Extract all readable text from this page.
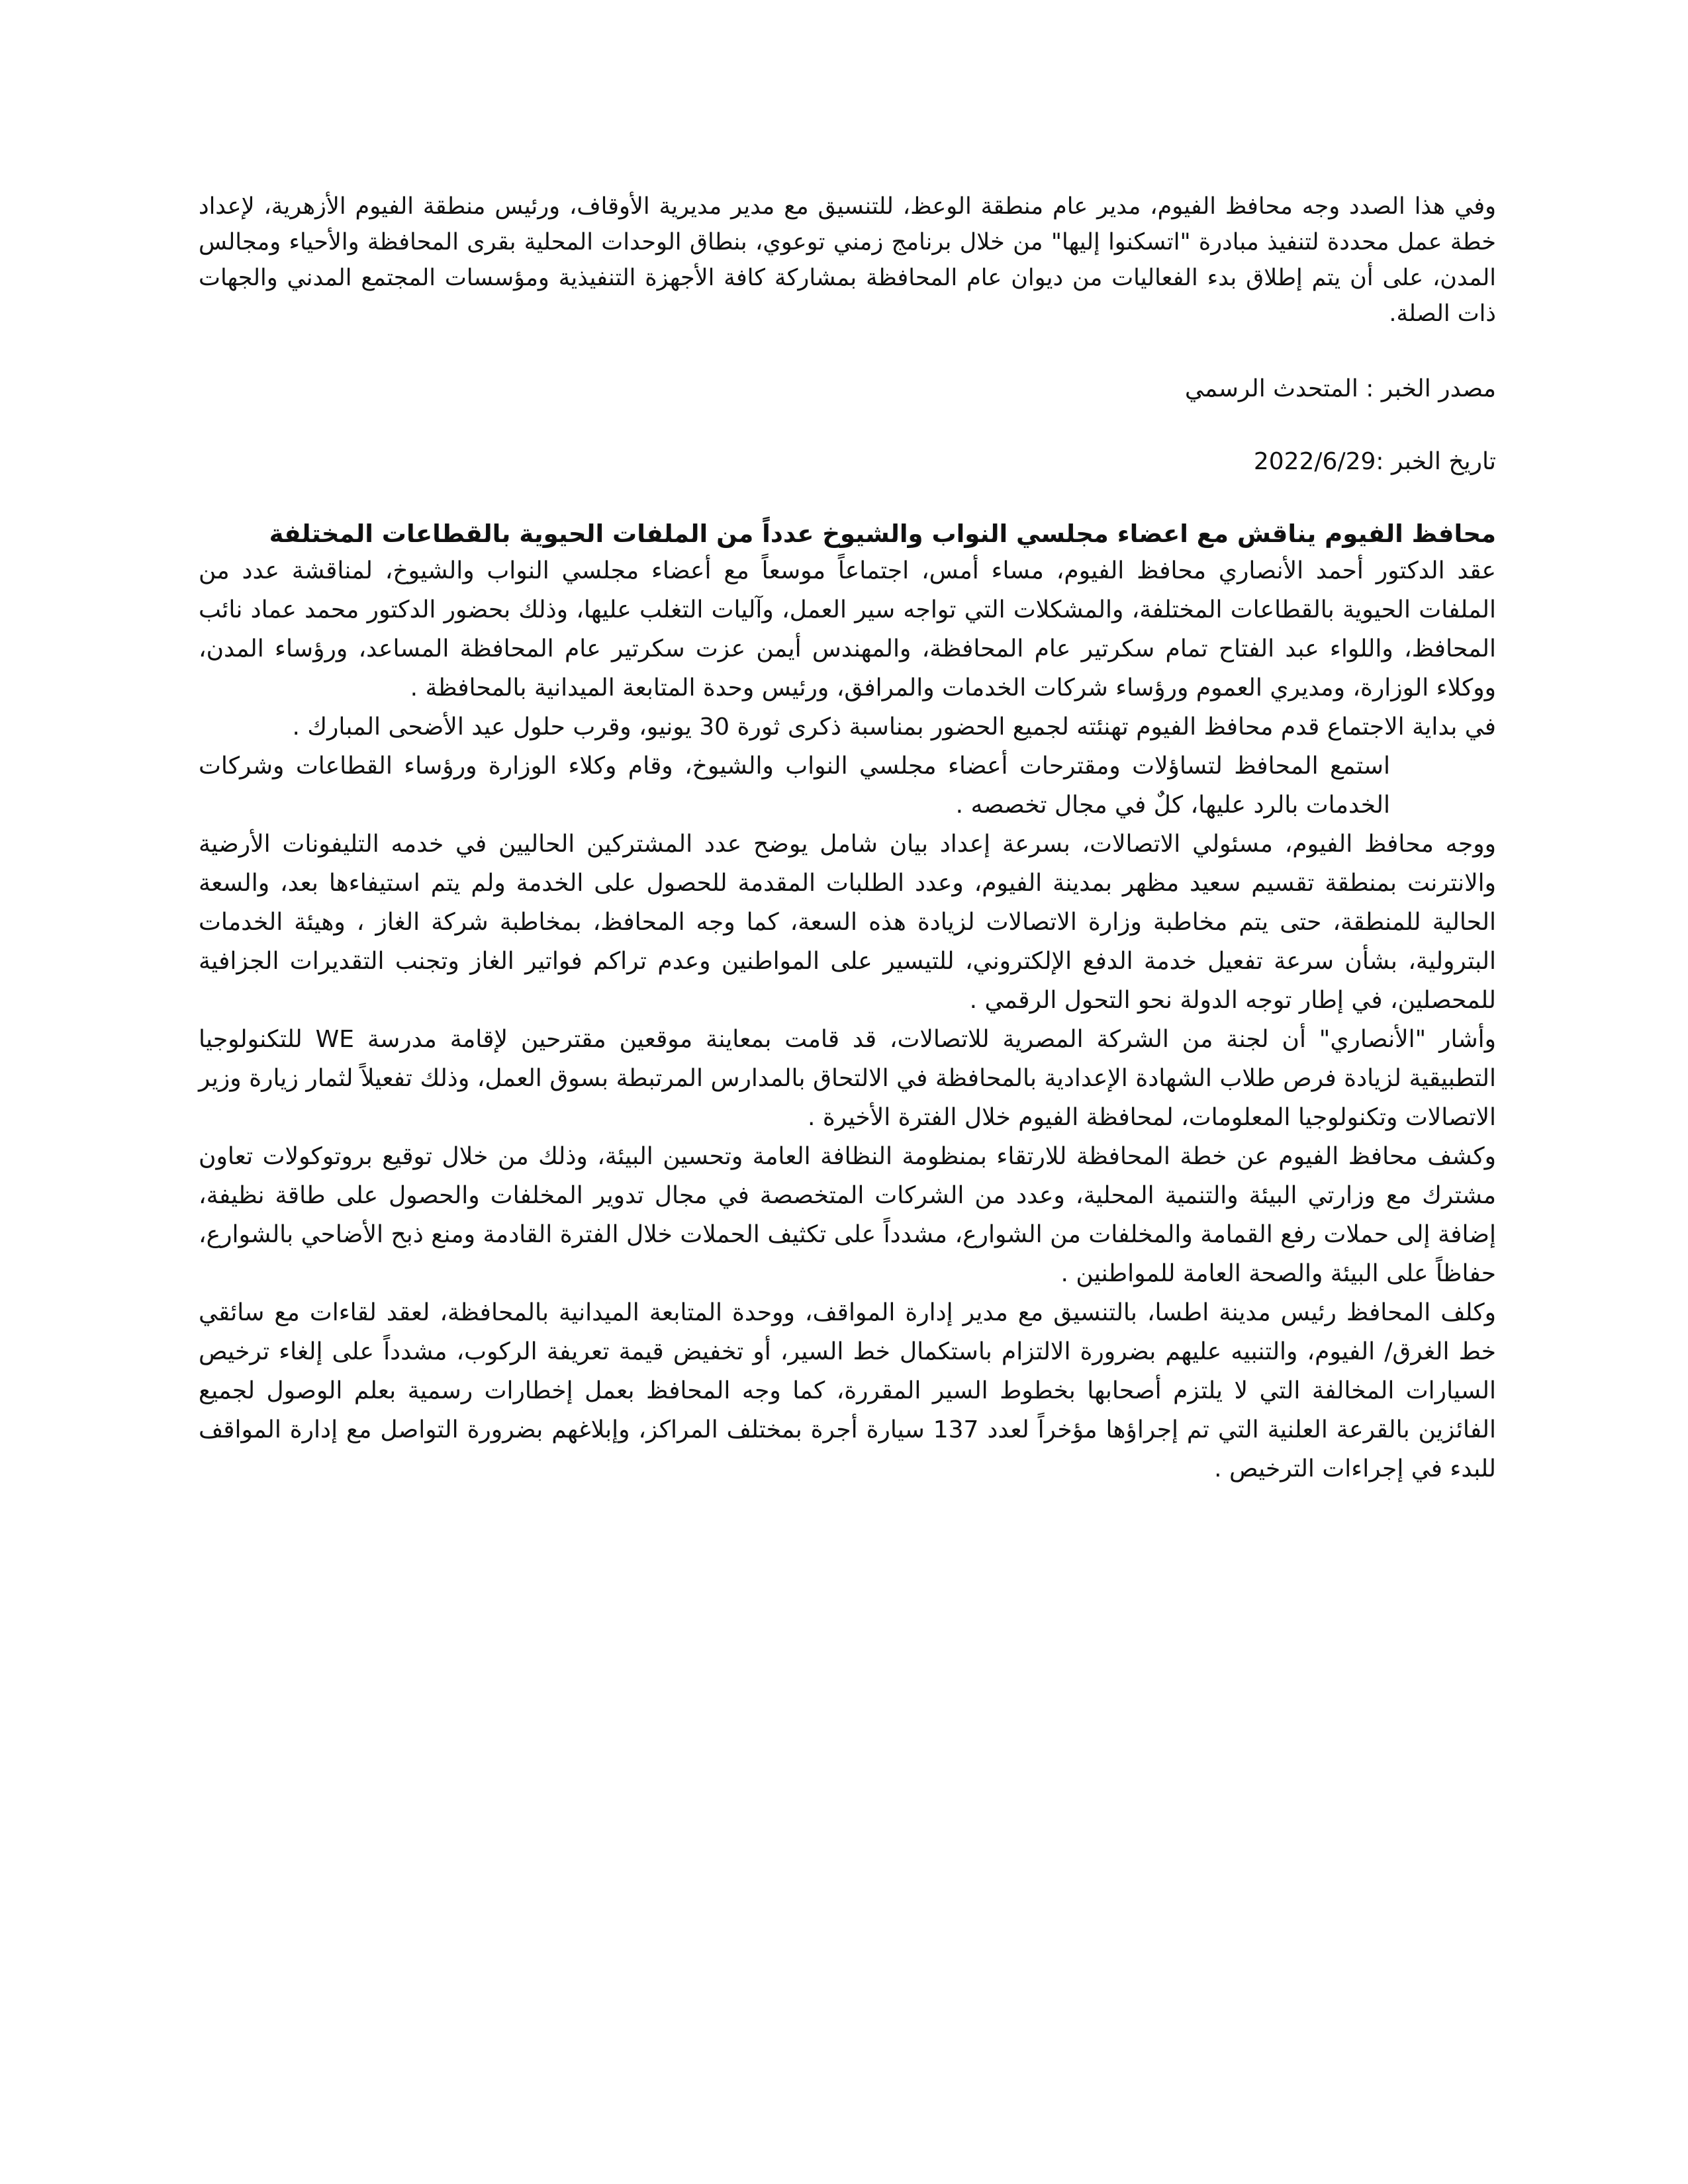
وفي هذا الصدد وجه محافظ الفيوم، مدير عام منطقة الوعظ، للتنسيق مع مدير مديرية الأوقاف، ورئيس منطقة الفيوم الأزهرية، لإعداد خطة عمل محددة لتنفيذ مبادرة "اتسكنوا إليها" من خلال برنامج زمني توعوي، بنطاق الوحدات المحلية بقرى المحافظة والأحياء ومجالس المدن، على أن يتم إطلاق بدء الفعاليات من ديوان عام المحافظة بمشاركة كافة الأجهزة التنفيذية ومؤسسات المجتمع المدني والجهات ذات الصلة.

مصدر الخبر : المتحدث الرسمي

تاريخ الخبر :2022/6/29

محافظ الفيوم يناقش مع اعضاء مجلسي النواب والشيوخ عدداً من الملفات الحيوية بالقطاعات المختلفة

عقد الدكتور أحمد الأنصاري محافظ الفيوم، مساء أمس، اجتماعاً موسعاً مع أعضاء مجلسي النواب والشيوخ، لمناقشة عدد من الملفات الحيوية بالقطاعات المختلفة، والمشكلات التي تواجه سير العمل، وآليات التغلب عليها، وذلك بحضور الدكتور محمد عماد نائب المحافظ، واللواء عبد الفتاح تمام سكرتير عام المحافظة، والمهندس أيمن عزت سكرتير عام المحافظة المساعد، ورؤساء المدن، ووكلاء الوزارة، ومديري العموم ورؤساء شركات الخدمات والمرافق، ورئيس وحدة المتابعة الميدانية بالمحافظة .

في بداية الاجتماع قدم محافظ الفيوم تهنئته لجميع الحضور بمناسبة ذكرى ثورة 30 يونيو، وقرب حلول عيد الأضحى المبارك .

استمع المحافظ لتساؤلات ومقترحات أعضاء مجلسي النواب والشيوخ، وقام وكلاء الوزارة ورؤساء القطاعات وشركات الخدمات بالرد عليها، كلٌ في مجال تخصصه .

ووجه محافظ الفيوم، مسئولي الاتصالات، بسرعة إعداد بيان شامل يوضح عدد المشتركين الحاليين في خدمه التليفونات الأرضية والانترنت بمنطقة تقسيم سعيد مظهر بمدينة الفيوم، وعدد الطلبات المقدمة للحصول على الخدمة ولم يتم استيفاءها بعد، والسعة الحالية للمنطقة، حتى يتم مخاطبة وزارة الاتصالات لزيادة هذه السعة، كما وجه المحافظ، بمخاطبة شركة الغاز ، وهيئة الخدمات البترولية، بشأن سرعة تفعيل خدمة الدفع الإلكتروني، للتيسير على المواطنين وعدم تراكم فواتير الغاز وتجنب التقديرات الجزافية للمحصلين، في إطار توجه الدولة نحو التحول الرقمي .

وأشار "الأنصاري" أن لجنة من الشركة المصرية للاتصالات، قد قامت بمعاينة موقعين مقترحين لإقامة مدرسة WE للتكنولوجيا التطبيقية لزيادة فرص طلاب الشهادة الإعدادية بالمحافظة في الالتحاق بالمدارس المرتبطة بسوق العمل، وذلك تفعيلاً لثمار زيارة وزير الاتصالات وتكنولوجيا المعلومات، لمحافظة الفيوم خلال الفترة الأخيرة .

وكشف محافظ الفيوم عن خطة المحافظة للارتقاء بمنظومة النظافة العامة وتحسين البيئة، وذلك من خلال توقيع بروتوكولات تعاون مشترك مع وزارتي البيئة والتنمية المحلية، وعدد من الشركات المتخصصة في مجال تدوير المخلفات والحصول على طاقة نظيفة، إضافة إلى حملات رفع القمامة والمخلفات من الشوارع، مشدداً على تكثيف الحملات خلال الفترة القادمة ومنع ذبح الأضاحي بالشوارع، حفاظاً على البيئة والصحة العامة للمواطنين .

وكلف المحافظ رئيس مدينة اطسا، بالتنسيق مع مدير إدارة المواقف، ووحدة المتابعة الميدانية بالمحافظة، لعقد لقاءات مع سائقي خط الغرق/ الفيوم، والتنبيه عليهم بضرورة الالتزام باستكمال خط السير، أو تخفيض قيمة تعريفة الركوب، مشدداً على إلغاء ترخيص السيارات المخالفة التي لا يلتزم أصحابها بخطوط السير المقررة، كما وجه المحافظ بعمل إخطارات رسمية بعلم الوصول لجميع الفائزين بالقرعة العلنية التي تم إجراؤها مؤخراً لعدد 137 سيارة أجرة بمختلف المراكز، وإبلاغهم بضرورة التواصل مع إدارة المواقف للبدء في إجراءات الترخيص .
